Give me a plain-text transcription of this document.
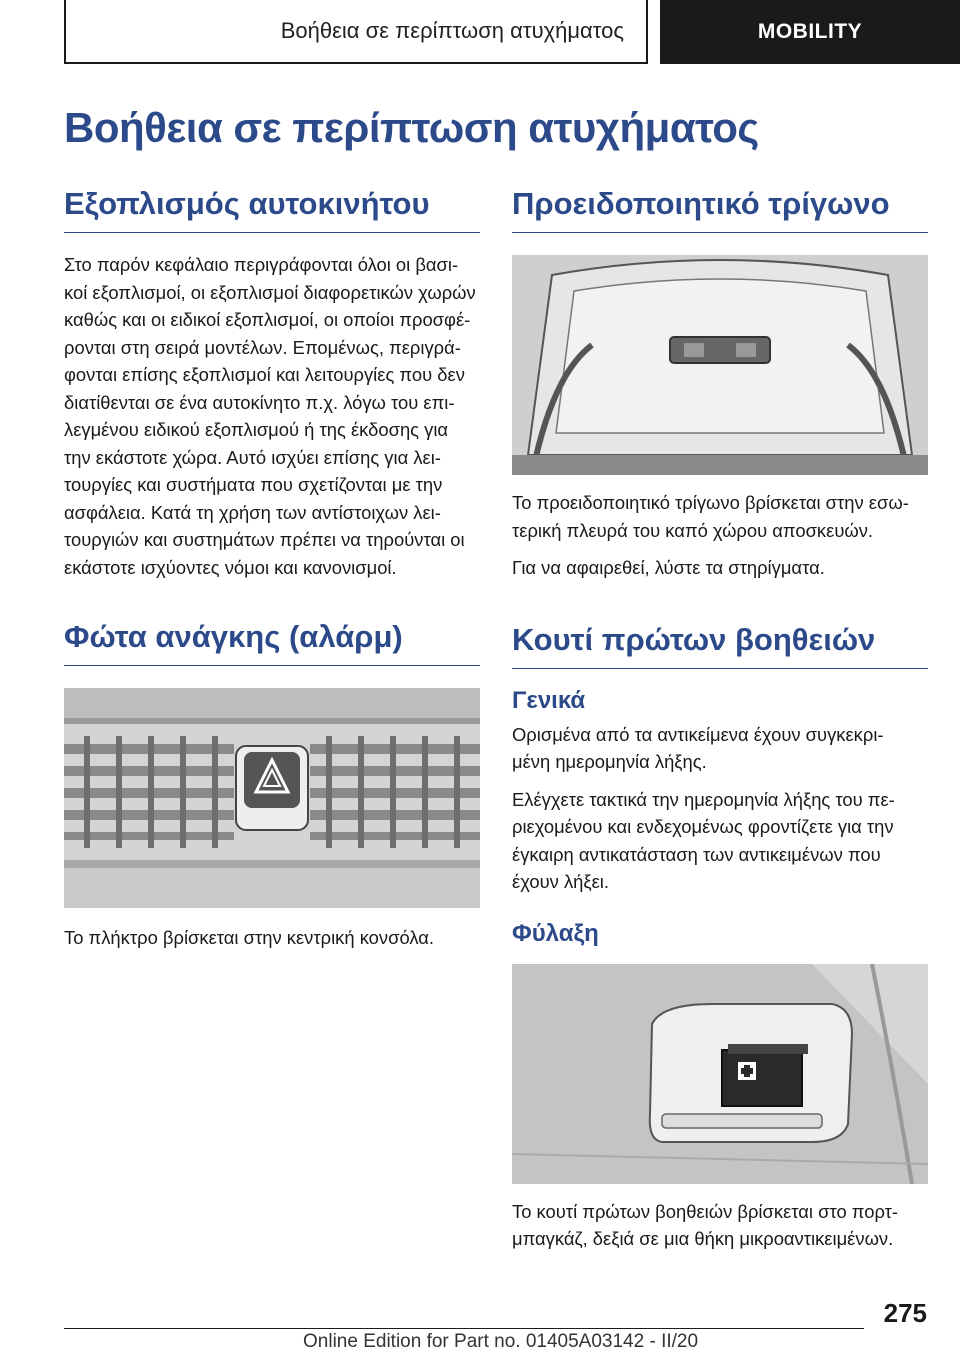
Βοήθεια σε περίπτωση ατυχήματος	MOBILITY
Βοήθεια σε περίπτωση ατυχήματος
Εξοπλισμός αυτοκινήτου

Στο παρόν κεφάλαιο περιγράφονται όλοι οι βασι-
κοί εξοπλισμοί, οι εξοπλισμοί διαφορετικών χωρών
καθώς και οι ειδικοί εξοπλισμοί, οι οποίοι προσφέ-
ρονται στη σειρά μοντέλων. Επομένως, περιγρά-
φονται επίσης εξοπλισμοί και λειτουργίες που δεν
διατίθενται σε ένα αυτοκίνητο π.χ. λόγω του επι-
λεγμένου ειδικού εξοπλισμού ή της έκδοσης για
την εκάστοτε χώρα. Αυτό ισχύει επίσης για λει-
τουργίες και συστήματα που σχετίζονται με την
ασφάλεια. Κατά τη χρήση των αντίστοιχων λει-
τουργιών και συστημάτων πρέπει να τηρούνται οι
εκάστοτε ισχύοντες νόμοι και κανονισμοί.

Φώτα ανάγκης (αλάρμ)

Το πλήκτρο βρίσκεται στην κεντρική κονσόλα.

Προειδοποιητικό τρίγωνο

Το προειδοποιητικό τρίγωνο βρίσκεται στην εσω-
τερική πλευρά του καπό χώρου αποσκευών.

Για να αφαιρεθεί, λύστε τα στηρίγματα.

Κουτί πρώτων βοηθειών
Γενικά

Ορισμένα από τα αντικείμενα έχουν συγκεκρι-
μένη ημερομηνία λήξης.

Ελέγχετε τακτικά την ημερομηνία λήξης του πε-
ριεχομένου και ενδεχομένως φροντίζετε για την
έγκαιρη αντικατάσταση των αντικειμένων που
έχουν λήξει.

Φύλαξη

Το κουτί πρώτων βοηθειών βρίσκεται στο πορτ-
μπαγκάζ, δεξιά σε μια θήκη μικροαντικειμένων.

275
Online Edition for Part no. 01405A03142 - II/20
